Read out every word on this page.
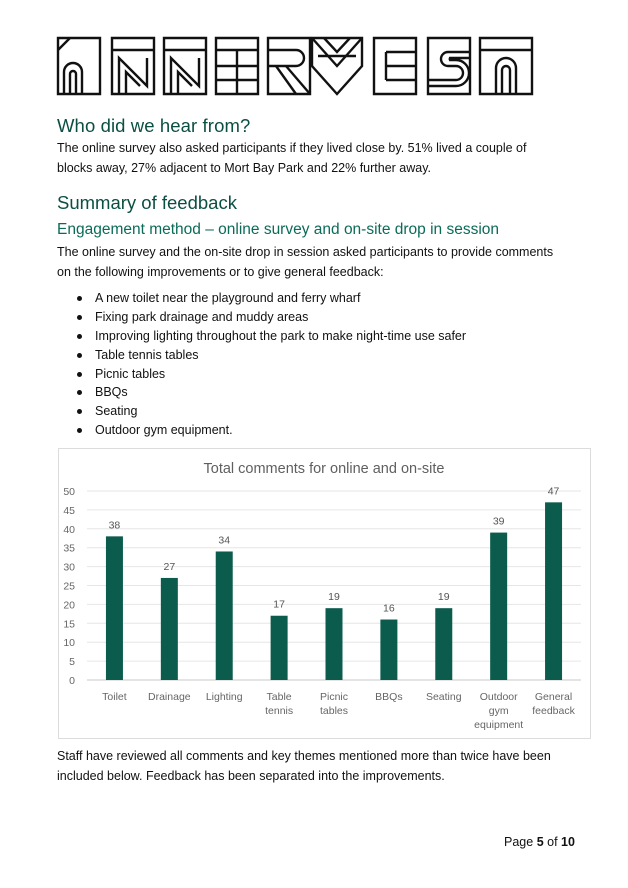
Who did we hear from?

The online survey also asked participants if they lived close by. 51% lived a couple of blocks away, 27% adjacent to Mort Bay Park and 22% further away.

Summary of feedback
Engagement method – online survey and on-site drop in session

The online survey and the on-site drop in session asked participants to provide comments on the following improvements or to give general feedback:

A new toilet near the playground and ferry wharf
Fixing park drainage and muddy areas
Improving lighting throughout the park to make night-time use safer
Table tennis tables
Picnic tables
BBQs
Seating
Outdoor gym equipment.
Total comments for online and on-site
0
5
10
15
20
25
30
35
40
45
50
38
27
34
17
19
16
19
39
47
Toilet Drainage Lighting Table tennis
Picnic tables
BBQs Seating	Outdoor gym equipment
General feedback

Staff have reviewed all comments and key themes mentioned more than twice have been included below. Feedback has been separated into the improvements.

Page 5 of 10
